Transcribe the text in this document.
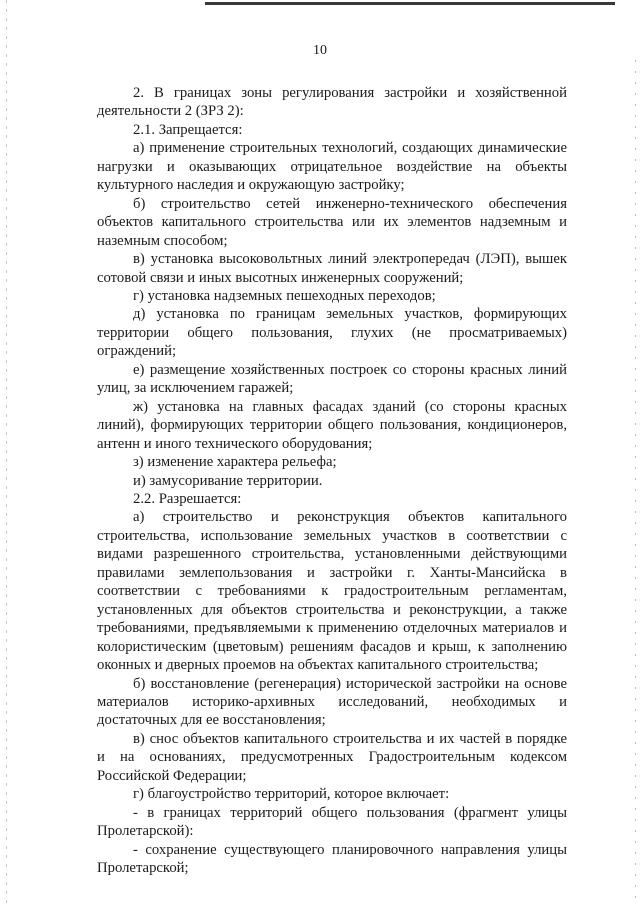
10

2. В границах зоны регулирования застройки и хозяйственной деятельности 2 (ЗРЗ 2):

2.1. Запрещается:

а) применение строительных технологий, создающих динамические нагрузки и оказывающих отрицательное воздействие на объекты культурного наследия и окружающую застройку;

б) строительство сетей инженерно-технического обеспечения объектов капитального строительства или их элементов надземным и наземным способом;

в) установка высоковольтных линий электропередач (ЛЭП), вышек сотовой связи и иных высотных инженерных сооружений;

г) установка надземных пешеходных переходов;

д) установка по границам земельных участков, формирующих территории общего пользования, глухих (не просматриваемых) ограждений;

е) размещение хозяйственных построек со стороны красных линий улиц, за исключением гаражей;

ж) установка на главных фасадах зданий (со стороны красных линий), формирующих территории общего пользования, кондиционеров, антенн и иного технического оборудования;

з) изменение характера рельефа;

и) замусоривание территории.

2.2. Разрешается:

а) строительство и реконструкция объектов капитального строительства, использование земельных участков в соответствии с видами разрешенного строительства, установленными действующими правилами землепользования и застройки г. Ханты-Мансийска в соответствии с требованиями к градостроительным регламентам, установленных для объектов строительства и реконструкции, а также требованиями, предъявляемыми к применению отделочных материалов и колористическим (цветовым) решениям фасадов и крыш, к заполнению оконных и дверных проемов на объектах капитального строительства;

б) восстановление (регенерация) исторической застройки на основе материалов историко-архивных исследований, необходимых и достаточных для ее восстановления;

в) снос объектов капитального строительства и их частей в порядке и на основаниях, предусмотренных Градостроительным кодексом Российской Федерации;

г) благоустройство территорий, которое включает:

- в границах территорий общего пользования (фрагмент улицы Пролетарской):

- сохранение существующего планировочного направления улицы Пролетарской;
